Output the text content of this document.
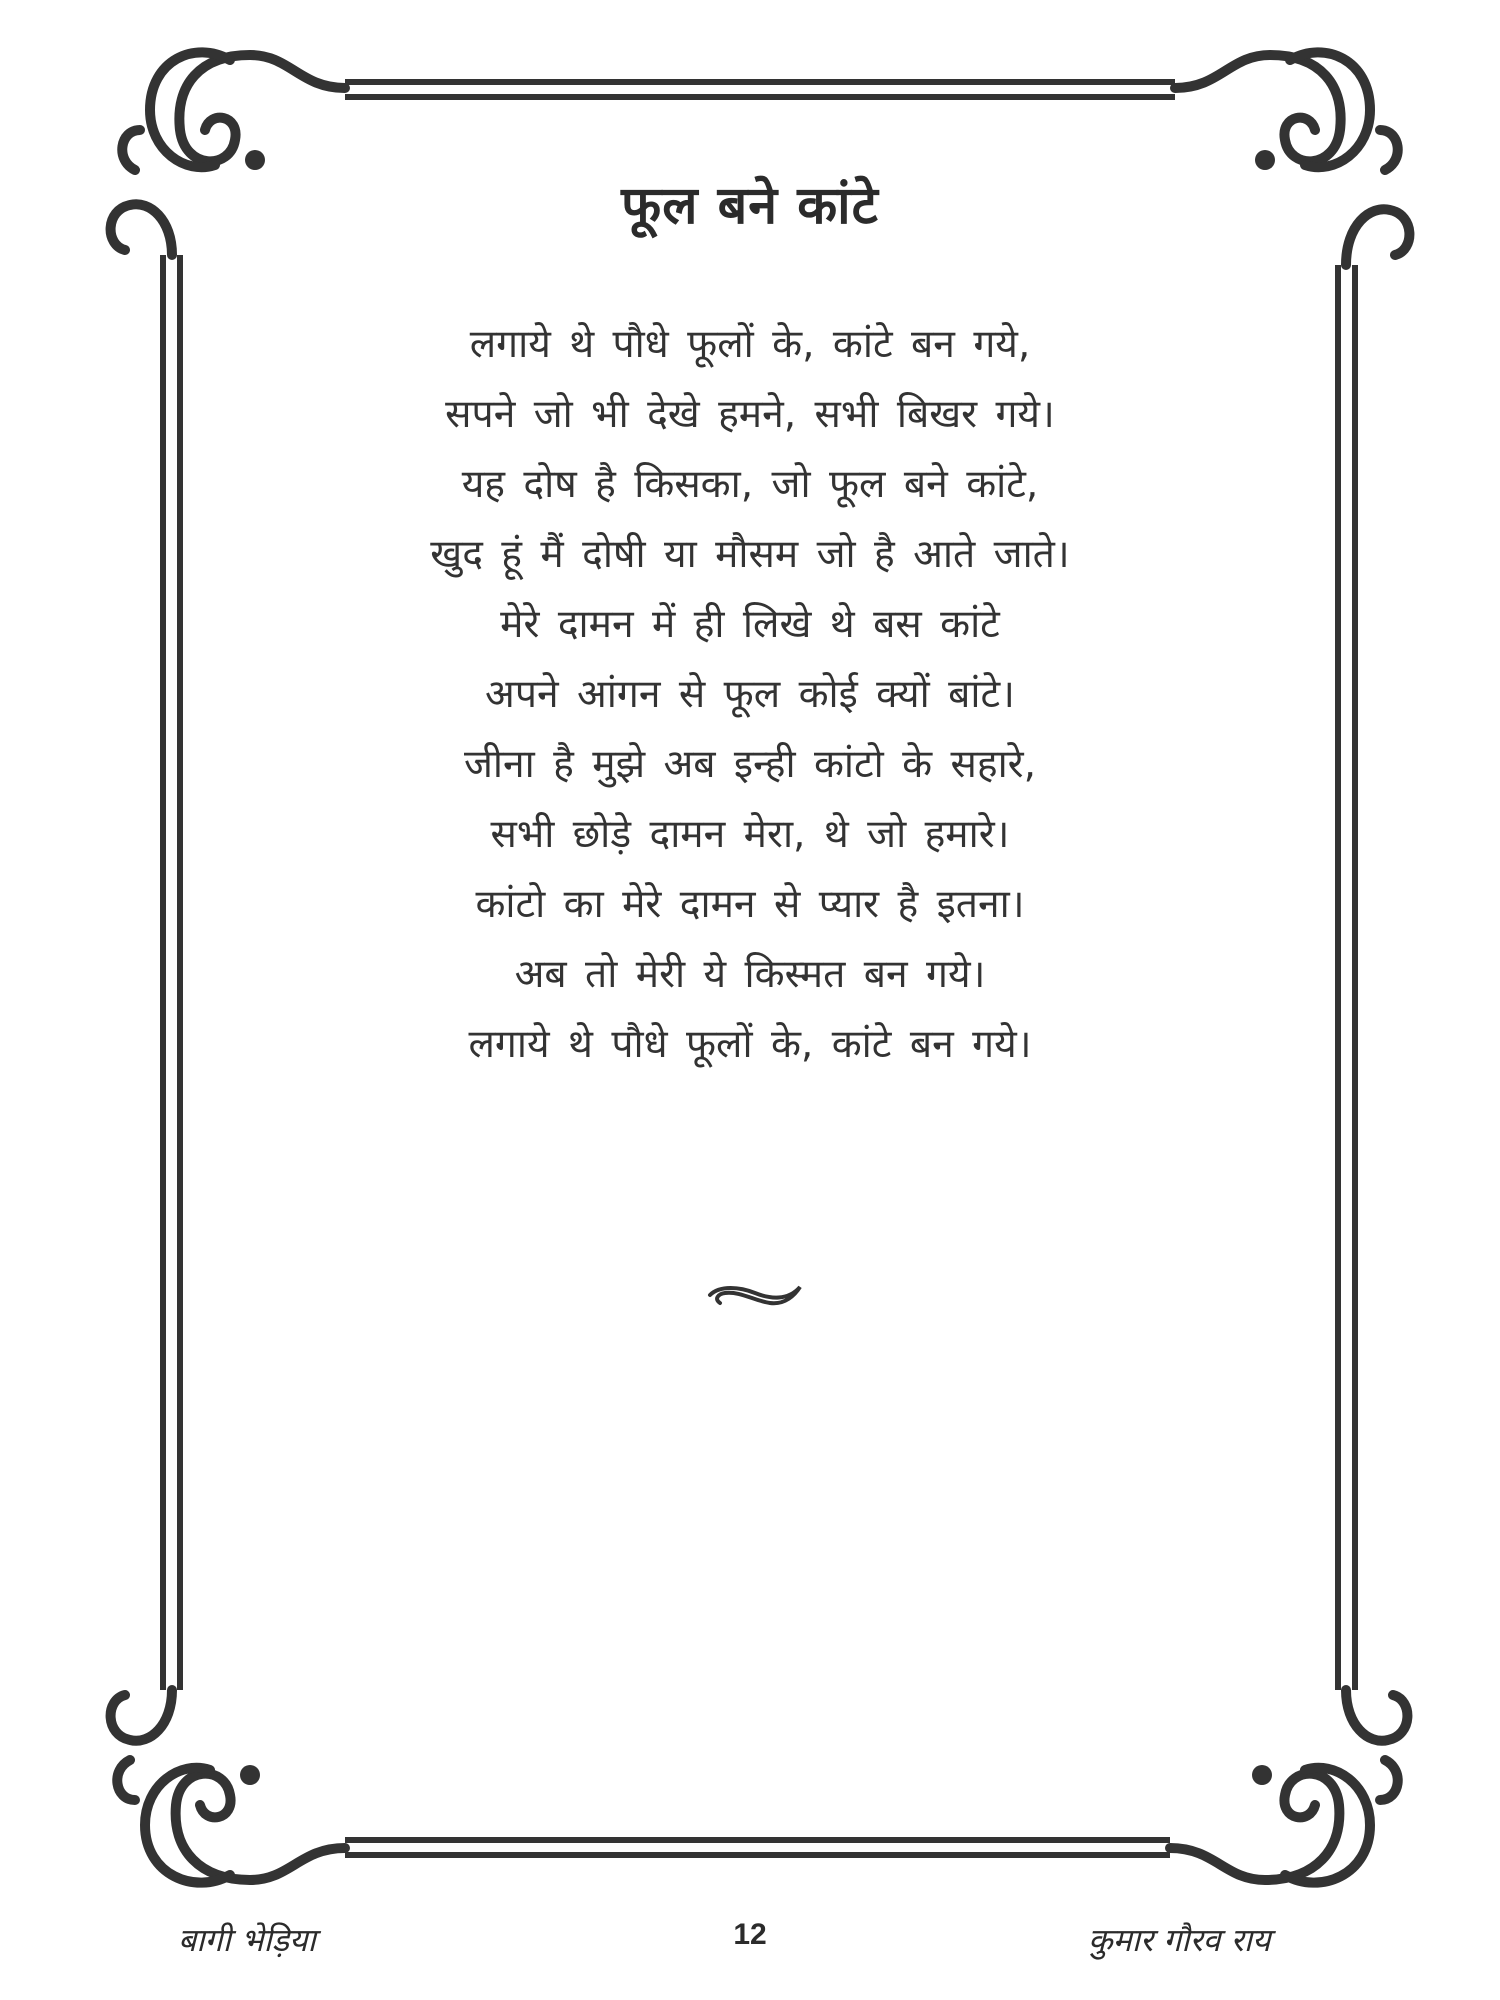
फूल बने कांटे
लगाये थे पौधे फूलों के, कांटे बन गये,
सपने जो भी देखे हमने, सभी बिखर गये।
यह दोष है किसका, जो फूल बने कांटे,
खुद हूं मैं दोषी या मौसम जो है आते जाते।
मेरे दामन में ही लिखे थे बस कांटे
अपने आंगन से फूल कोई क्यों बांटे।
जीना है मुझे अब इन्ही कांटो के सहारे,
सभी छोड़े दामन मेरा, थे जो हमारे।
कांटो का मेरे दामन से प्यार है इतना।
अब तो मेरी ये किस्मत बन गये।
लगाये थे पौधे फूलों के, कांटे बन गये।
बागी भेड़िया	12	कुमार गौरव राय
